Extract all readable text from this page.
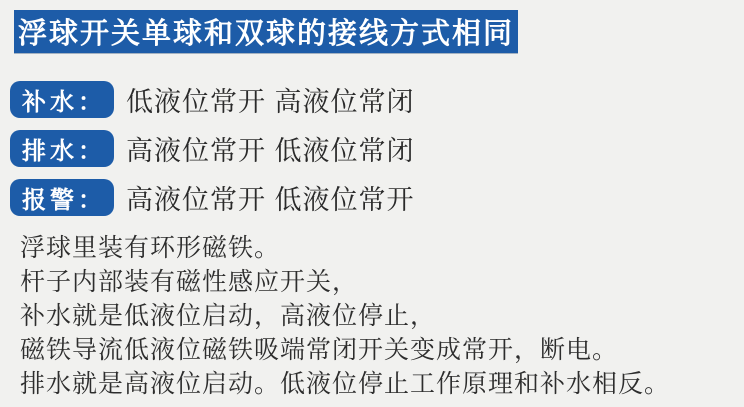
浮球开关单球和双球的接线方式相同
补水： 低液位常开 高液位常闭
排水： 高液位常开 低液位常闭
报警： 高液位常开 低液位常开

浮球里装有环形磁铁。

杆子内部装有磁性感应开关，

补水就是低液位启动，高液位停止，

磁铁导流低液位磁铁吸端常闭开关变成常开，断电。

排水就是高液位启动。低液位停止工作原理和补水相反。
